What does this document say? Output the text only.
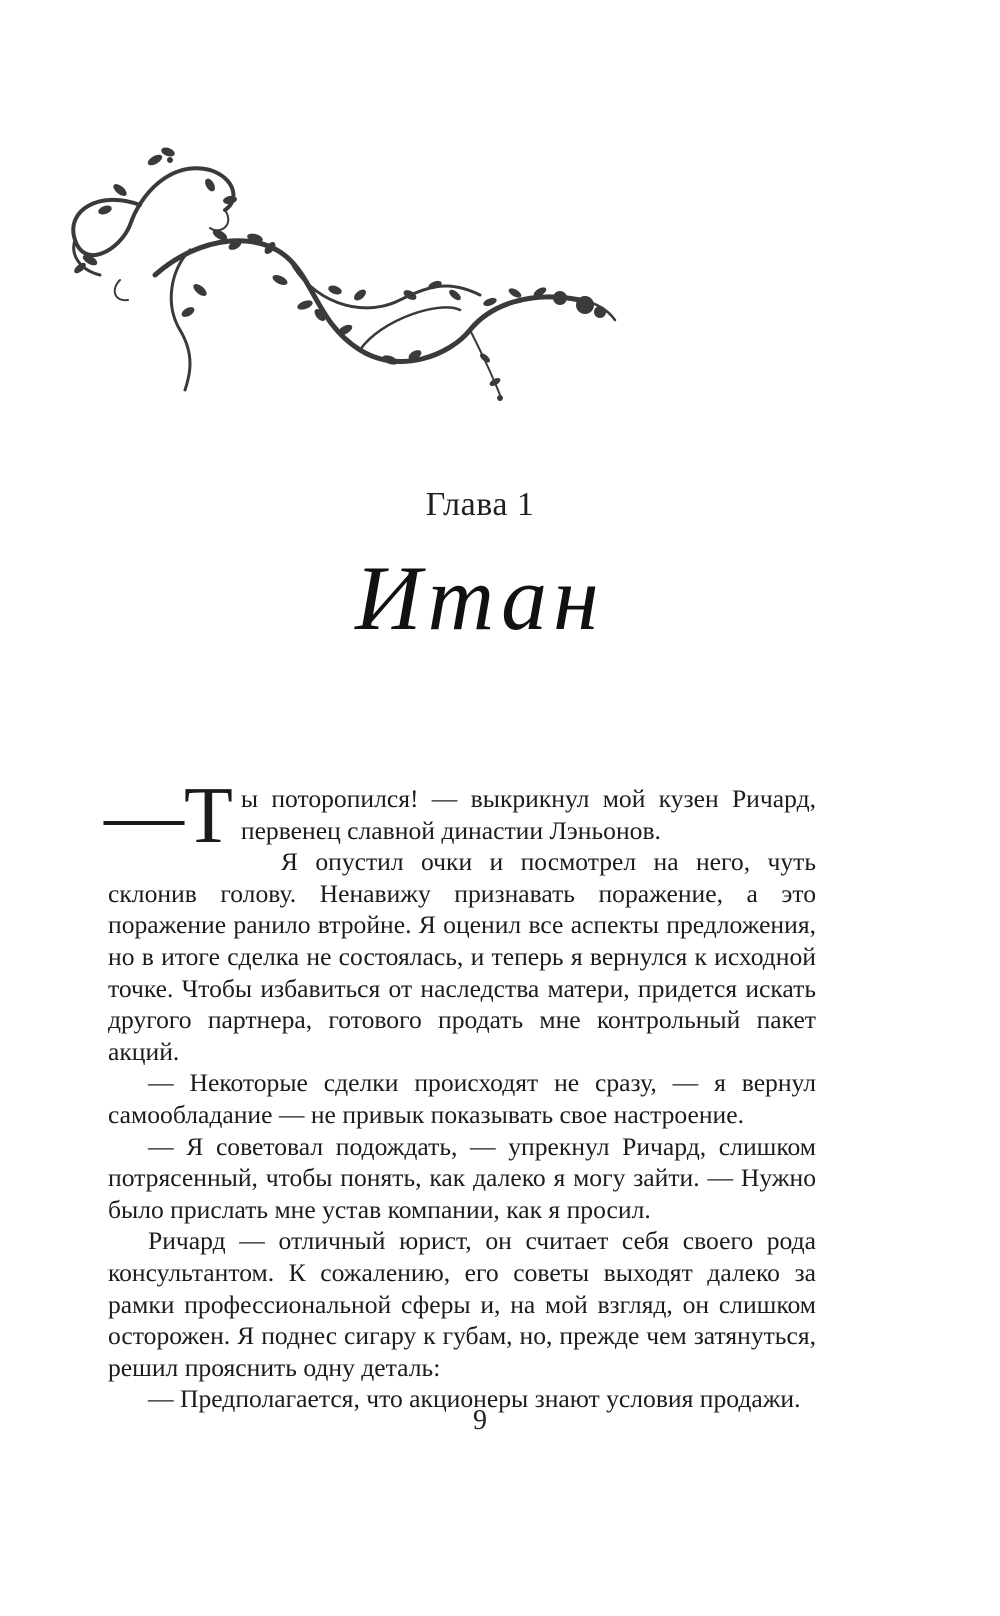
Глава 1
Итан

—Т ы поторопился! — выкрикнул мой кузен Ричард, первенец славной династии Лэньонов.

Я опустил очки и посмотрел на него, чуть склонив голову. Ненавижу признавать поражение, а это поражение ранило втройне. Я оценил все аспекты предложения, но в итоге сделка не состоялась, и теперь я вернулся к исходной точке. Чтобы избавиться от наследства матери, придется искать другого партнера, готового продать мне контрольный пакет акций.

— Некоторые сделки происходят не сразу, — я вернул самообладание — не привык показывать свое настроение.

— Я советовал подождать, — упрекнул Ричард, слишком потрясенный, чтобы понять, как далеко я могу зайти. — Нужно было прислать мне устав компании, как я просил.

Ричард — отличный юрист, он считает себя своего рода консультантом. К сожалению, его советы выходят далеко за рамки профессиональной сферы и, на мой взгляд, он слишком осторожен. Я поднес сигару к губам, но, прежде чем затянуться, решил прояснить одну деталь:

— Предполагается, что акционеры знают условия продажи.

9
